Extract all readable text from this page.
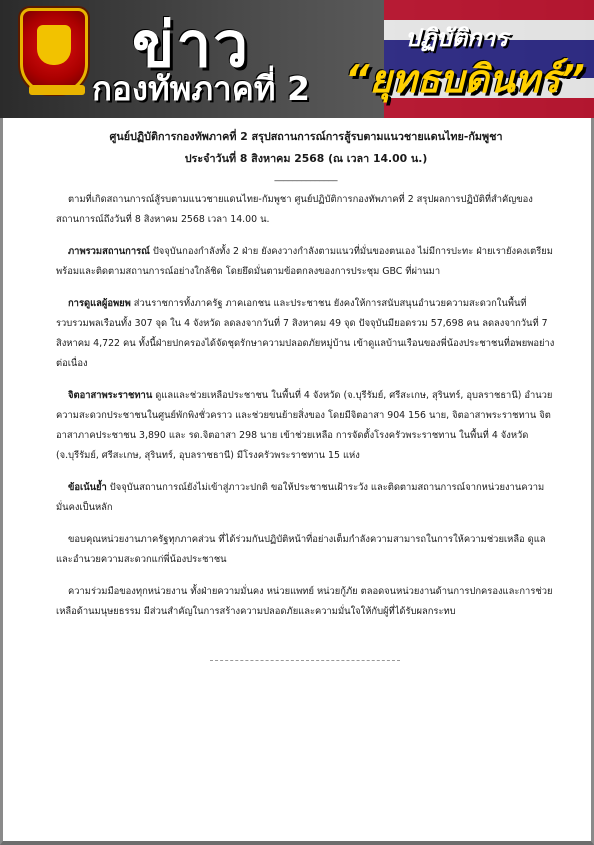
ข่าว
กองทัพภาคที่ 2
ปฏิบัติการ
“ยุทธบดินทร์”

ศูนย์ปฏิบัติการกองทัพภาคที่ 2 สรุปสถานการณ์การสู้รบตามแนวชายแดนไทย-กัมพูชา

ประจำวันที่ 8 สิงหาคม 2568 (ณ เวลา 14.00 น.)

______________

ตามที่เกิดสถานการณ์สู้รบตามแนวชายแดนไทย-กัมพูชา ศูนย์ปฏิบัติการกองทัพภาคที่ 2 สรุปผลการปฏิบัติที่สำคัญของสถานการณ์ถึงวันที่ 8 สิงหาคม 2568 เวลา 14.00 น.

ภาพรวมสถานการณ์ ปัจจุบันกองกำลังทั้ง 2 ฝ่าย ยังคงวางกำลังตามแนวที่มั่นของตนเอง ไม่มีการปะทะ ฝ่ายเรายังคงเตรียมพร้อมและติดตามสถานการณ์อย่างใกล้ชิด โดยยึดมั่นตามข้อตกลงของการประชุม GBC ที่ผ่านมา

การดูแลผู้อพยพ ส่วนราชการทั้งภาครัฐ ภาคเอกชน และประชาชน ยังคงให้การสนับสนุนอำนวยความสะดวกในพื้นที่รวบรวมพลเรือนทั้ง 307 จุด ใน 4 จังหวัด ลดลงจากวันที่ 7 สิงหาคม 49 จุด ปัจจุบันมียอดรวม 57,698 คน ลดลงจากวันที่ 7 สิงหาคม 4,722 คน ทั้งนี้ฝ่ายปกครองได้จัดชุดรักษาความปลอดภัยหมู่บ้าน เข้าดูแลบ้านเรือนของพี่น้องประชาชนที่อพยพอย่างต่อเนื่อง

จิตอาสาพระราชทาน ดูแลและช่วยเหลือประชาชน ในพื้นที่ 4 จังหวัด (จ.บุรีรัมย์, ศรีสะเกษ, สุรินทร์, อุบลราชธานี) อำนวยความสะดวกประชาชนในศูนย์พักพิงชั่วคราว และช่วยขนย้ายสิ่งของ โดยมีจิตอาสา 904 156 นาย, จิตอาสาพระราชทาน จิตอาสาภาคประชาชน 3,890 และ รด.จิตอาสา 298 นาย เข้าช่วยเหลือ การจัดตั้งโรงครัวพระราชทาน ในพื้นที่ 4 จังหวัด (จ.บุรีรัมย์, ศรีสะเกษ, สุรินทร์, อุบลราชธานี) มีโรงครัวพระราชทาน 15 แห่ง

ข้อเน้นย้ำ ปัจจุบันสถานการณ์ยังไม่เข้าสู่ภาวะปกติ ขอให้ประชาชนเฝ้าระวัง และติดตามสถานการณ์จากหน่วยงานความมั่นคงเป็นหลัก

ขอบคุณหน่วยงานภาครัฐทุกภาคส่วน ที่ได้ร่วมกันปฏิบัติหน้าที่อย่างเต็มกำลังความสามารถในการให้ความช่วยเหลือ ดูแล และอำนวยความสะดวกแก่พี่น้องประชาชน

ความร่วมมือของทุกหน่วยงาน ทั้งฝ่ายความมั่นคง หน่วยแพทย์ หน่วยกู้ภัย ตลอดจนหน่วยงานด้านการปกครองและการช่วยเหลือด้านมนุษยธรรม มีส่วนสำคัญในการสร้างความปลอดภัยและความมั่นใจให้กับผู้ที่ได้รับผลกระทบ
